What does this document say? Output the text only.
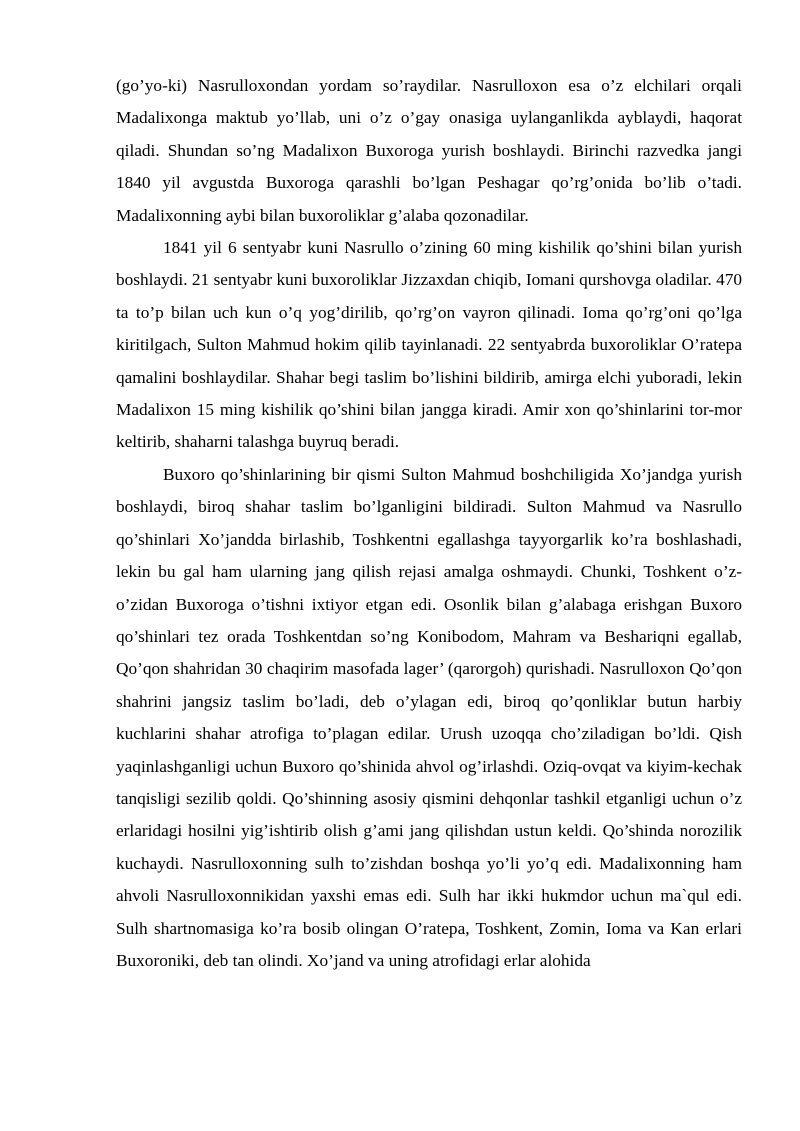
(go’yo-ki) Nasrulloxondan yordam so’raydilar. Nasrulloxon esa o’z elchilari orqali Madalixonga maktub yo’llab, uni o’z o’gay onasiga uylanganlikda ayblaydi, haqorat qiladi. Shundan so’ng Madalixon Buxoroga yurish boshlaydi. Birinchi razvedka jangi 1840 yil avgustda Buxoroga qarashli bo’lgan Peshagar qo’rg’onida bo’lib o’tadi. Madalixonning aybi bilan buxoroliklar g’alaba qozonadilar.

1841 yil 6 sentyabr kuni Nasrullo o’zining 60 ming kishilik qo’shini bilan yurish boshlaydi. 21 sentyabr kuni buxoroliklar Jizzaxdan chiqib, Iomani qurshovga oladilar. 470 ta to’p bilan uch kun o’q yog’dirilib, qo’rg’on vayron qilinadi. Ioma qo’rg’oni qo’lga kiritilgach, Sulton Mahmud hokim qilib tayinlanadi. 22 sentyabrda buxoroliklar O’ratepa qamalini boshlaydilar. Shahar begi taslim bo’lishini bildirib, amirga elchi yuboradi, lekin Madalixon 15 ming kishilik qo’shini bilan jangga kiradi. Amir xon qo’shinlarini tor-mor keltirib, shaharni talashga buyruq beradi.

Buxoro qo’shinlarining bir qismi Sulton Mahmud boshchiligida Xo’jandga yurish boshlaydi, biroq shahar taslim bo’lganligini bildiradi. Sulton Mahmud va Nasrullo qo’shinlari Xo’jandda birlashib, Toshkentni egallashga tayyorgarlik ko’ra boshlashadi, lekin bu gal ham ularning jang qilish rejasi amalga oshmaydi. Chunki, Toshkent o’z-o’zidan Buxoroga o’tishni ixtiyor etgan edi. Osonlik bilan g’alabaga erishgan Buxoro qo’shinlari tez orada Toshkentdan so’ng Konibodom, Mahram va Beshariqni egallab, Qo’qon shahridan 30 chaqirim masofada lager’ (qarorgoh) qurishadi. Nasrulloxon Qo’qon shahrini jangsiz taslim bo’ladi, deb o’ylagan edi, biroq qo’qonliklar butun harbiy kuchlarini shahar atrofiga to’plagan edilar. Urush uzoqqa cho’ziladigan bo’ldi. Qish yaqinlashganligi uchun Buxoro qo’shinida ahvol og’irlashdi. Oziq-ovqat va kiyim-kechak tanqisligi sezilib qoldi. Qo’shinning asosiy qismini dehqonlar tashkil etganligi uchun o’z erlaridagi hosilni yig’ishtirib olish g’ami jang qilishdan ustun keldi. Qo’shinda norozilik kuchaydi. Nasrulloxonning sulh to’zishdan boshqa yo’li yo’q edi. Madalixonning ham ahvoli Nasrulloxonnikidan yaxshi emas edi. Sulh har ikki hukmdor uchun ma`qul edi. Sulh shartnomasiga ko’ra bosib olingan O’ratepa, Toshkent, Zomin, Ioma va Kan erlari Buxoroniki, deb tan olindi. Xo’jand va uning atrofidagi erlar alohida
